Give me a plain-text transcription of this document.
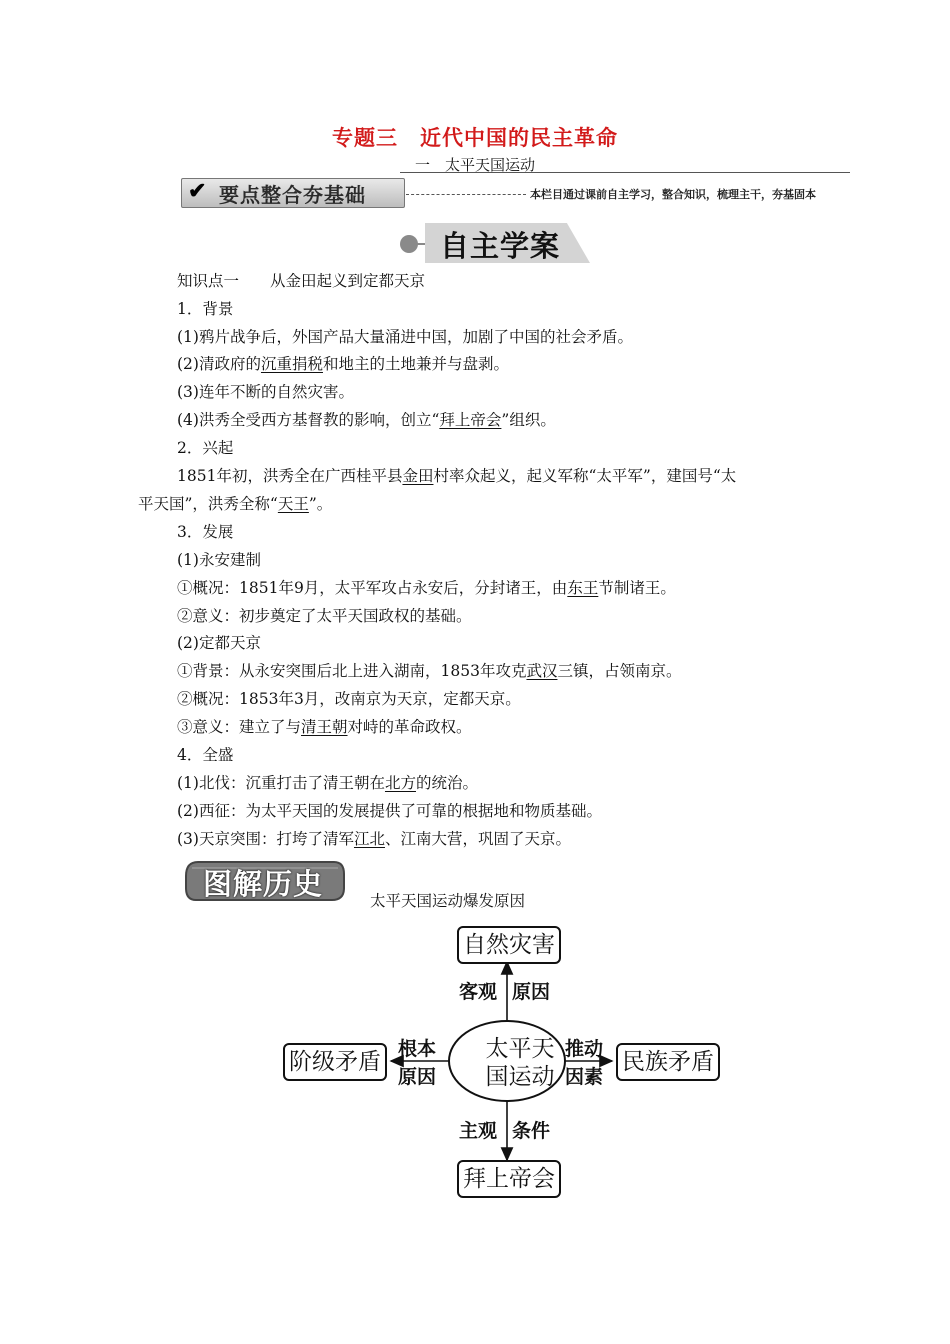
专题三　近代中国的民主革命
一　太平天国运动
✔ 要点整合夯基础	本栏目通过课前自主学习，整合知识，梳理主干，夯基固本
自主学案
知识点一　　从金田起义到定都天京
1．背景
(1)鸦片战争后，外国产品大量涌进中国，加剧了中国的社会矛盾。
(2)清政府的沉重捐税和地主的土地兼并与盘剥。
(3)连年不断的自然灾害。
(4)洪秀全受西方基督教的影响，创立“拜上帝会”组织。
2．兴起
1851年初，洪秀全在广西桂平县金田村率众起义，起义军称“太平军”，建国号“太
平天国”，洪秀全称“天王”。
3．发展
(1)永安建制
①概况：1851年9月，太平军攻占永安后，分封诸王，由东王节制诸王。
②意义：初步奠定了太平天国政权的基础。
(2)定都天京
①背景：从永安突围后北上进入湖南，1853年攻克武汉三镇，占领南京。
②概况：1853年3月，改南京为天京，定都天京。
③意义：建立了与清王朝对峙的革命政权。
4．全盛
(1)北伐：沉重打击了清王朝在北方的统治。
(2)西征：为太平天国的发展提供了可靠的根据地和物质基础。
(3)天京突围：打垮了清军江北、江南大营，巩固了天京。
图解历史	太平天国运动爆发原因
太平天
国运动
自然灾害
拜上帝会
阶级矛盾	民族矛盾
客观 原因
主观 条件
根本
原因
推动
因素
